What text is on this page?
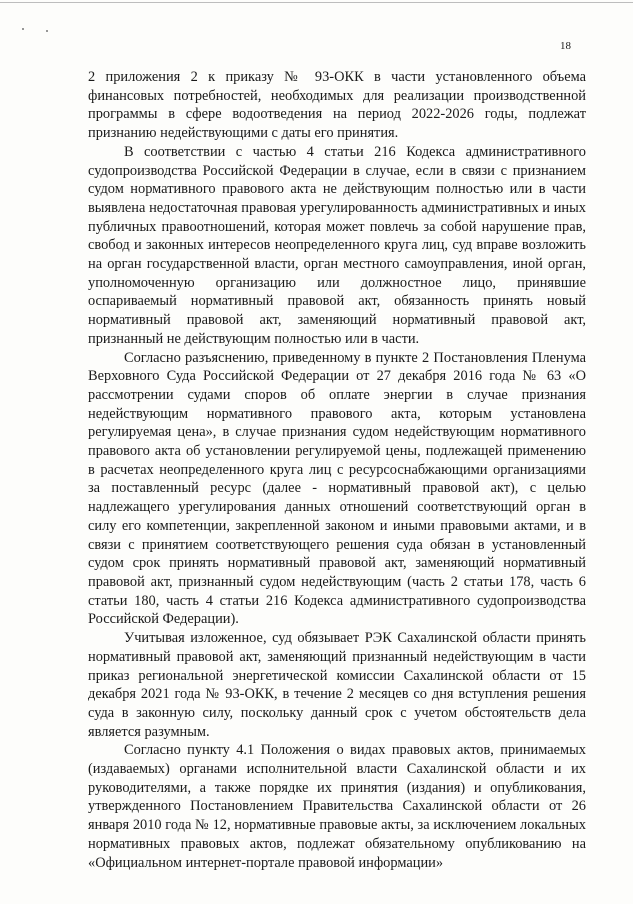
18

2 приложения 2 к приказу № 93-ОКК в части установленного объема финансовых потребностей, необходимых для реализации производственной программы в сфере водоотведения на период 2022-2026 годы, подлежат признанию недействующими с даты его принятия.

В соответствии с частью 4 статьи 216 Кодекса административного судопроизводства Российской Федерации в случае, если в связи с признанием судом нормативного правового акта не действующим полностью или в части выявлена недостаточная правовая урегулированность административных и иных публичных правоотношений, которая может повлечь за собой нарушение прав, свобод и законных интересов неопределенного круга лиц, суд вправе возложить на орган государственной власти, орган местного самоуправления, иной орган, уполномоченную организацию или должностное лицо, принявшие оспариваемый нормативный правовой акт, обязанность принять новый нормативный правовой акт, заменяющий нормативный правовой акт, признанный не действующим полностью или в части.

Согласно разъяснению, приведенному в пункте 2 Постановления Пленума Верховного Суда Российской Федерации от 27 декабря 2016 года № 63 «О рассмотрении судами споров об оплате энергии в случае признания недействующим нормативного правового акта, которым установлена регулируемая цена», в случае признания судом недействующим нормативного правового акта об установлении регулируемой цены, подлежащей применению в расчетах неопределенного круга лиц с ресурсоснабжающими организациями за поставленный ресурс (далее - нормативный правовой акт), с целью надлежащего урегулирования данных отношений соответствующий орган в силу его компетенции, закрепленной законом и иными правовыми актами, и в связи с принятием соответствующего решения суда обязан в установленный судом срок принять нормативный правовой акт, заменяющий нормативный правовой акт, признанный судом недействующим (часть 2 статьи 178, часть 6 статьи 180, часть 4 статьи 216 Кодекса административного судопроизводства Российской Федерации).

Учитывая изложенное, суд обязывает РЭК Сахалинской области принять нормативный правовой акт, заменяющий признанный недействующим в части приказ региональной энергетической комиссии Сахалинской области от 15 декабря 2021 года № 93-ОКК, в течение 2 месяцев со дня вступления решения суда в законную силу, поскольку данный срок с учетом обстоятельств дела является разумным.

Согласно пункту 4.1 Положения о видах правовых актов, принимаемых (издаваемых) органами исполнительной власти Сахалинской области и их руководителями, а также порядке их принятия (издания) и опубликования, утвержденного Постановлением Правительства Сахалинской области от 26 января 2010 года № 12, нормативные правовые акты, за исключением локальных нормативных правовых актов, подлежат обязательному опубликованию на «Официальном интернет-портале правовой информации»
